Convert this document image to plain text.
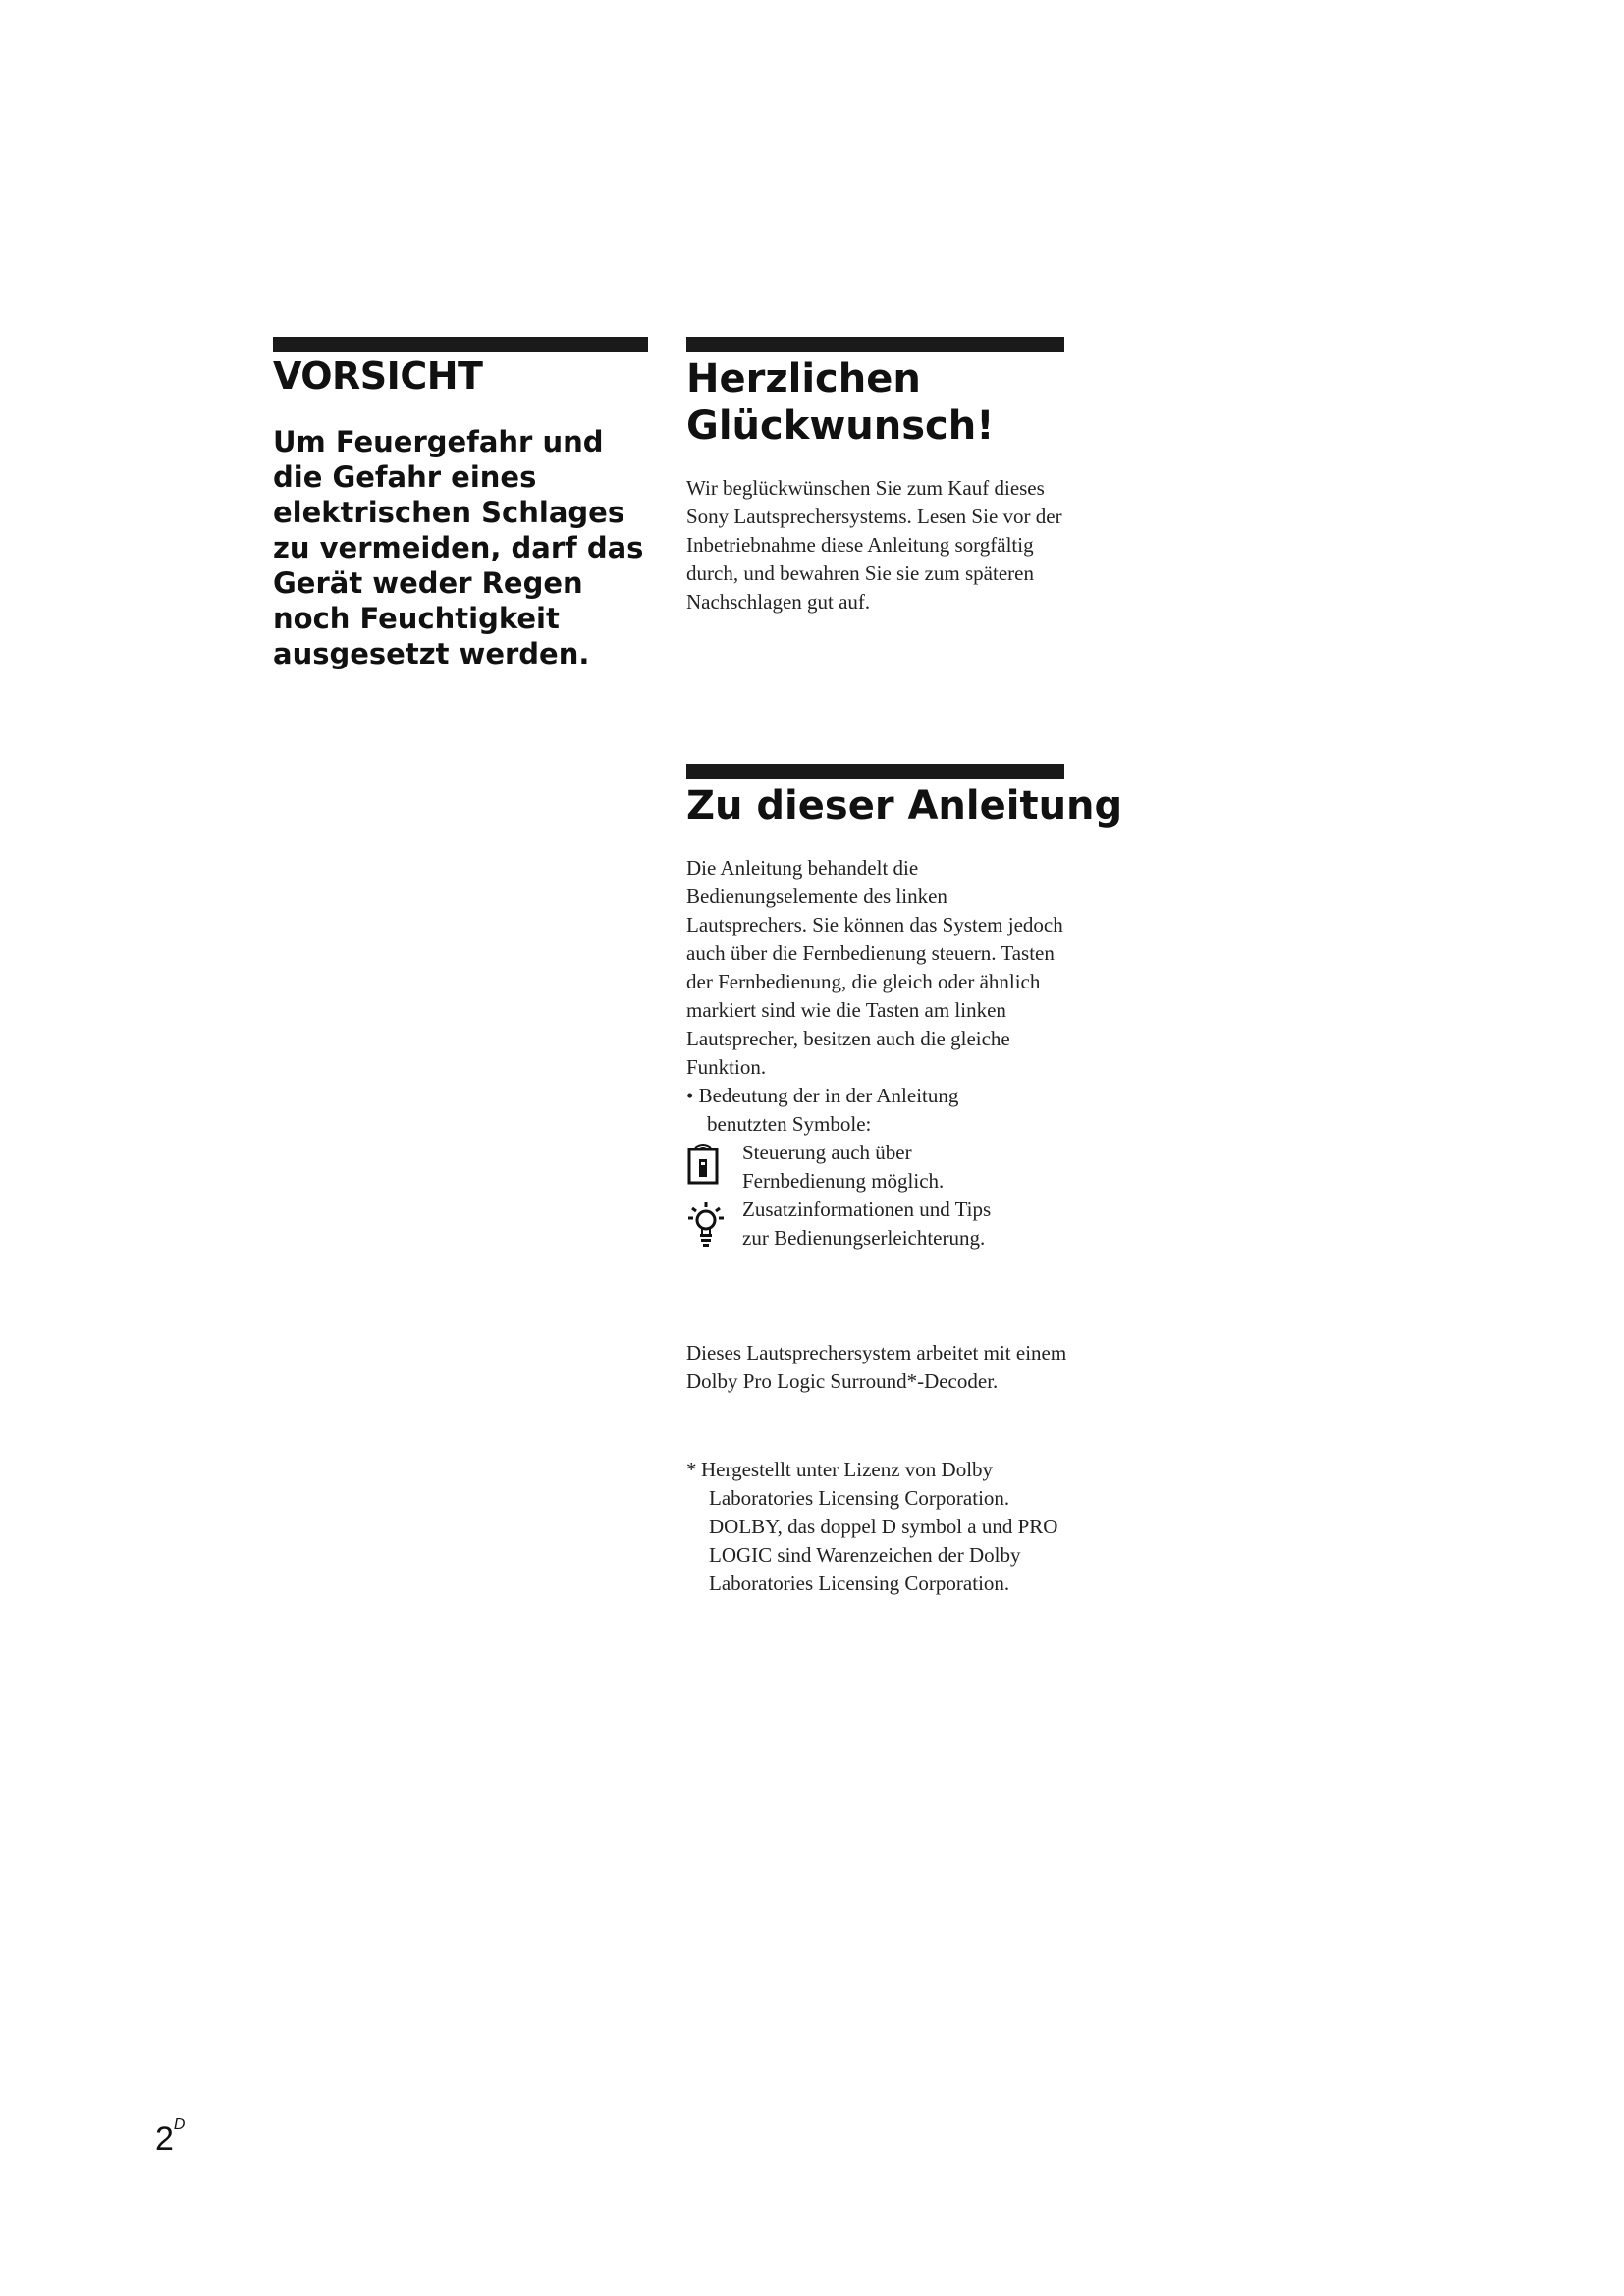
VORSICHT

Um Feuergefahr und die Gefahr eines elektrischen Schlages zu vermeiden, darf das Gerät weder Regen noch Feuchtigkeit ausgesetzt werden.

Herzlichen
Glückwunsch!

Wir beglückwünschen Sie zum Kauf dieses Sony Lautsprechersystems. Lesen Sie vor der Inbetriebnahme diese Anleitung sorgfältig durch, und bewahren Sie sie zum späteren Nachschlagen gut auf.

Zu dieser Anleitung

Die Anleitung behandelt die Bedienungselemente des linken Lautsprechers. Sie können das System jedoch auch über die Fernbedienung steuern. Tasten der Fernbedienung, die gleich oder ähnlich markiert sind wie die Tasten am linken Lautsprecher, besitzen auch die gleiche Funktion.

• Bedeutung der in der Anleitung
benutzten Symbole:
Steuerung auch über
Fernbedienung möglich.
Zusatzinformationen und Tips
zur Bedienungserleichterung.

Dieses Lautsprechersystem arbeitet mit einem Dolby Pro Logic Surround*-Decoder.

* Hergestellt unter Lizenz von Dolby

Laboratories Licensing Corporation. DOLBY, das doppel D symbol a und PRO LOGIC sind Warenzeichen der Dolby Laboratories Licensing Corporation.

$2^D$
